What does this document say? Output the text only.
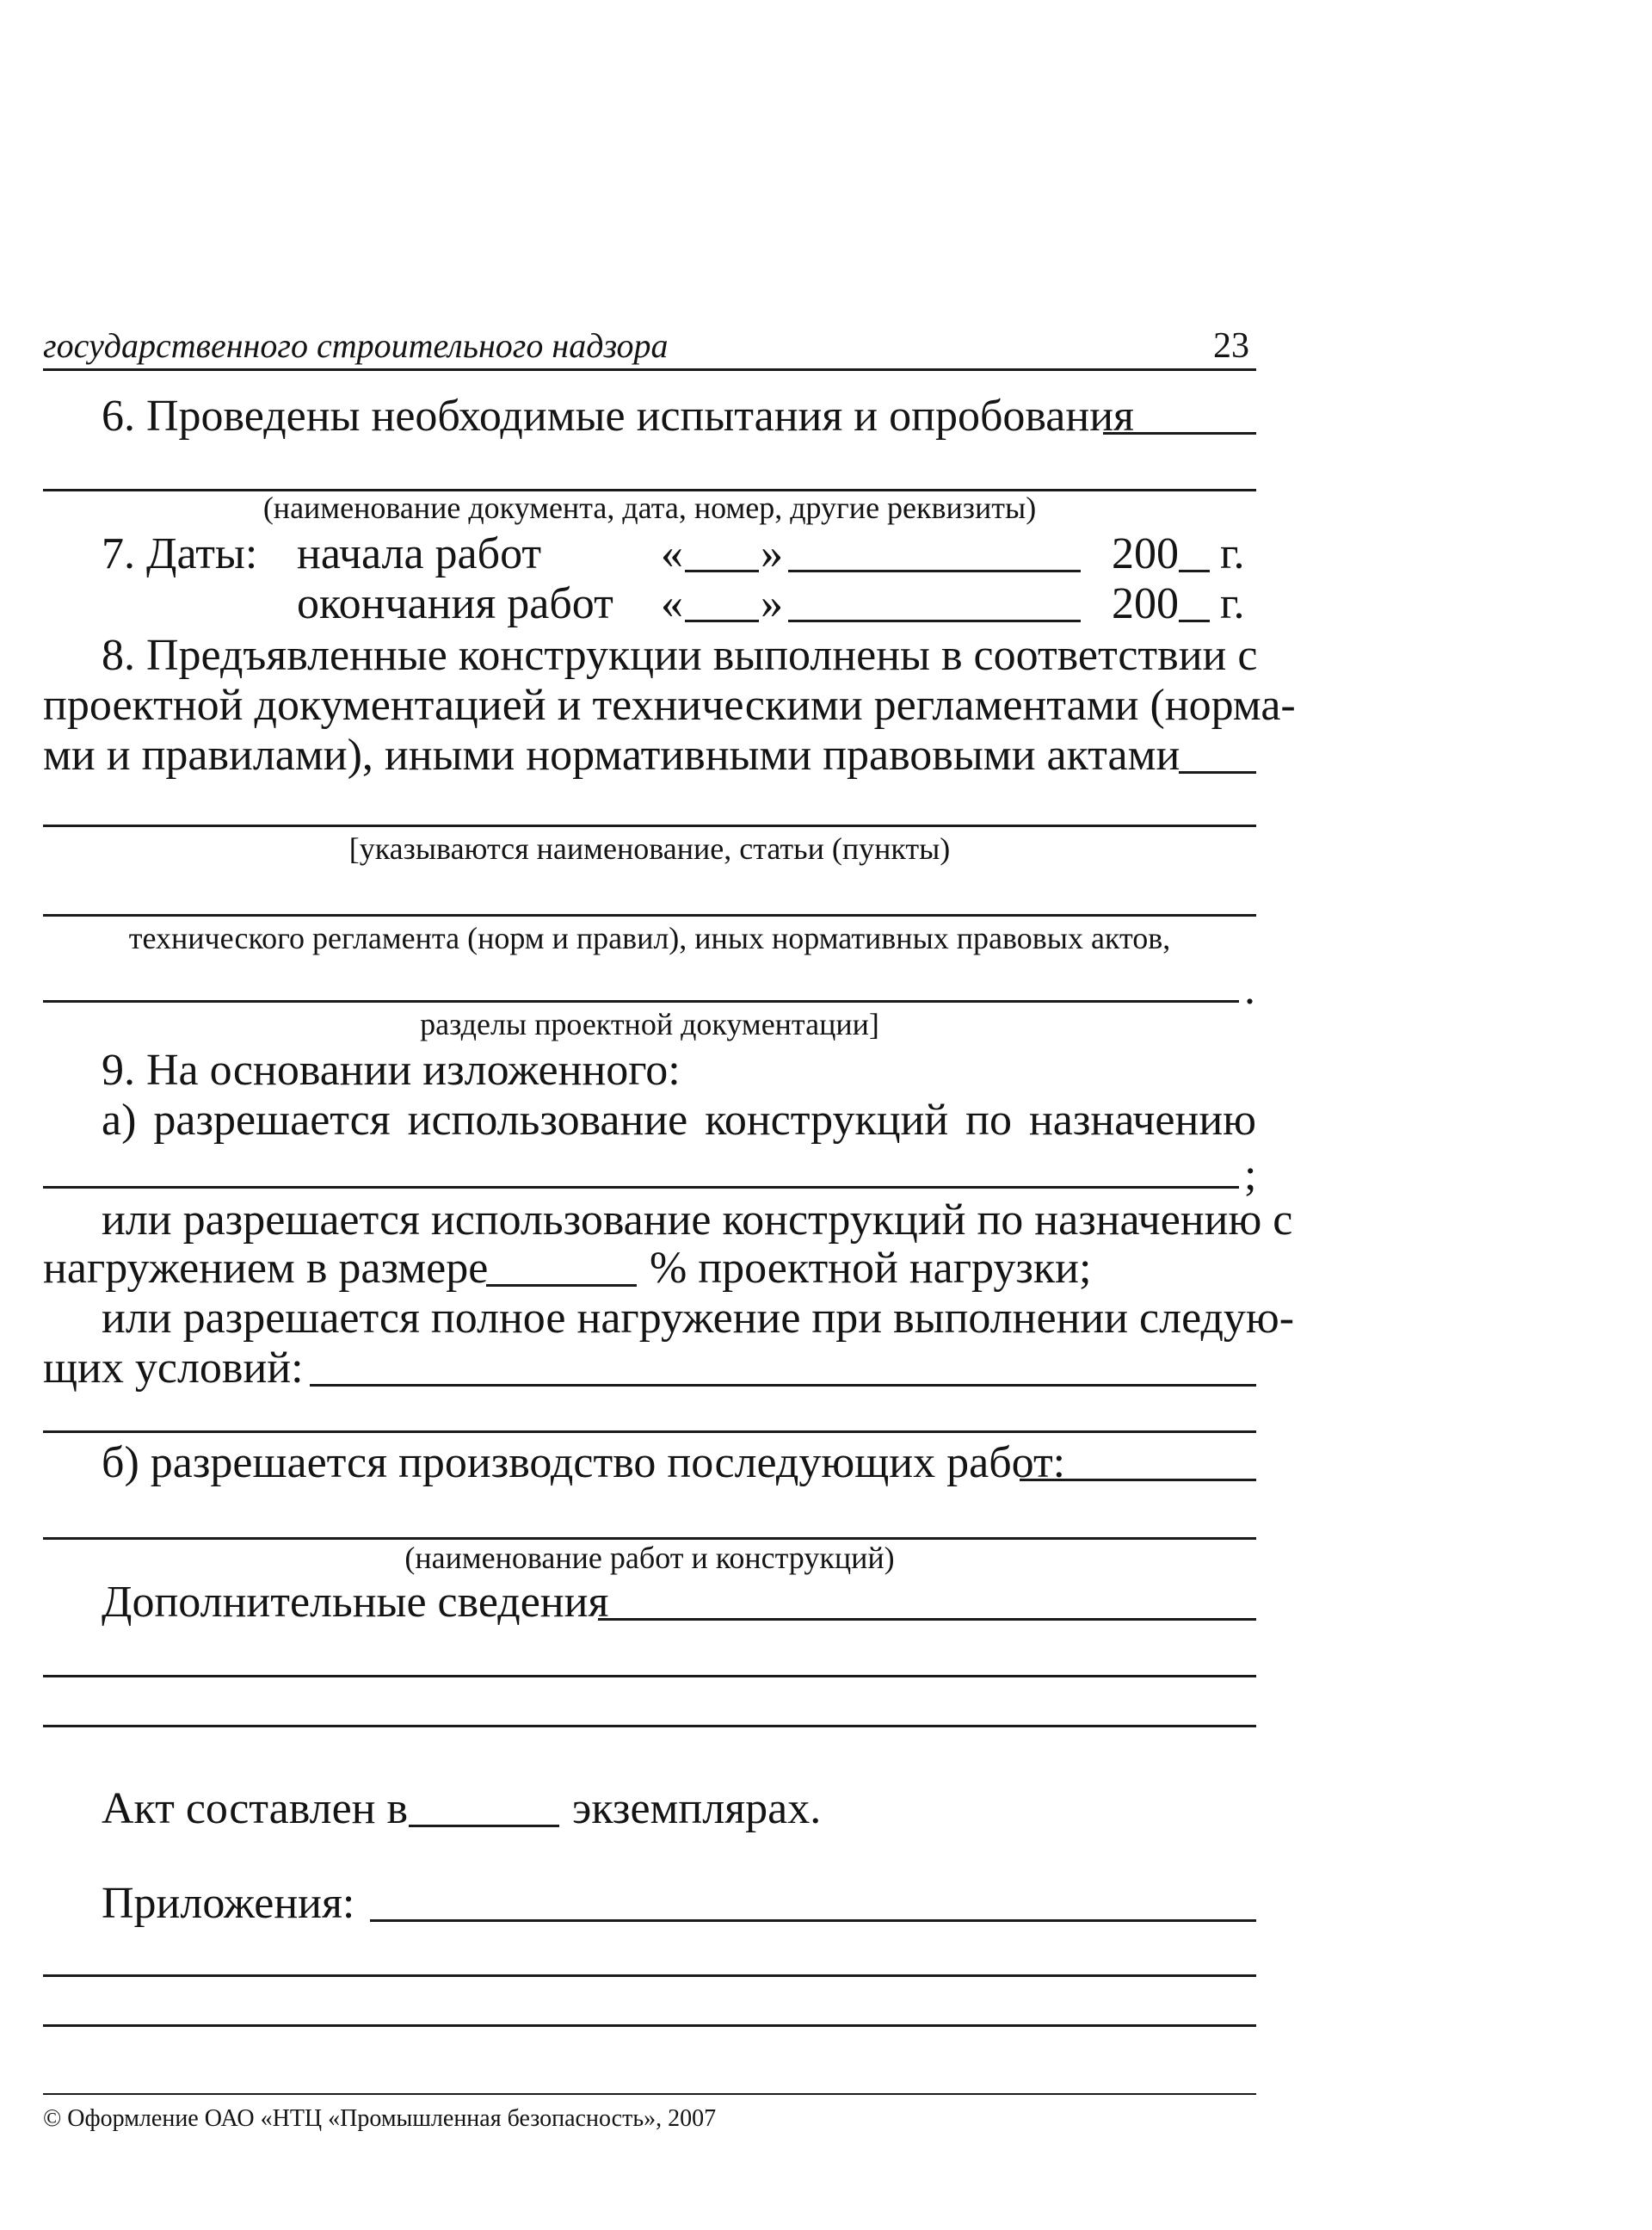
государственного строительного надзора	23
6. Проведены необходимые испытания и опробования
(наименование документа, дата, номер, другие реквизиты)
7. Даты: начала работ	« »	200 г.
окончания работ « »	200 г.
8. Предъявленные конструкции выполнены в соответствии с
проектной документацией и техническими регламентами (норма-
ми и правилами), иными нормативными правовыми актами
[указываются наименование, статьи (пункты)
технического регламента (норм и правил), иных нормативных правовых актов,
.
разделы проектной документации]
9. На основании изложенного:
а) разрешается использование конструкций по назначению
;
или разрешается использование конструкций по назначению с
нагружением в размере	% проектной нагрузки;
или разрешается полное нагружение при выполнении следую-
щих условий:
б) разрешается производство последующих работ:
(наименование работ и конструкций)
Дополнительные сведения
Акт составлен в	экземплярах.
Приложения:
© Оформление ОАО «НТЦ «Промышленная безопасность», 2007
